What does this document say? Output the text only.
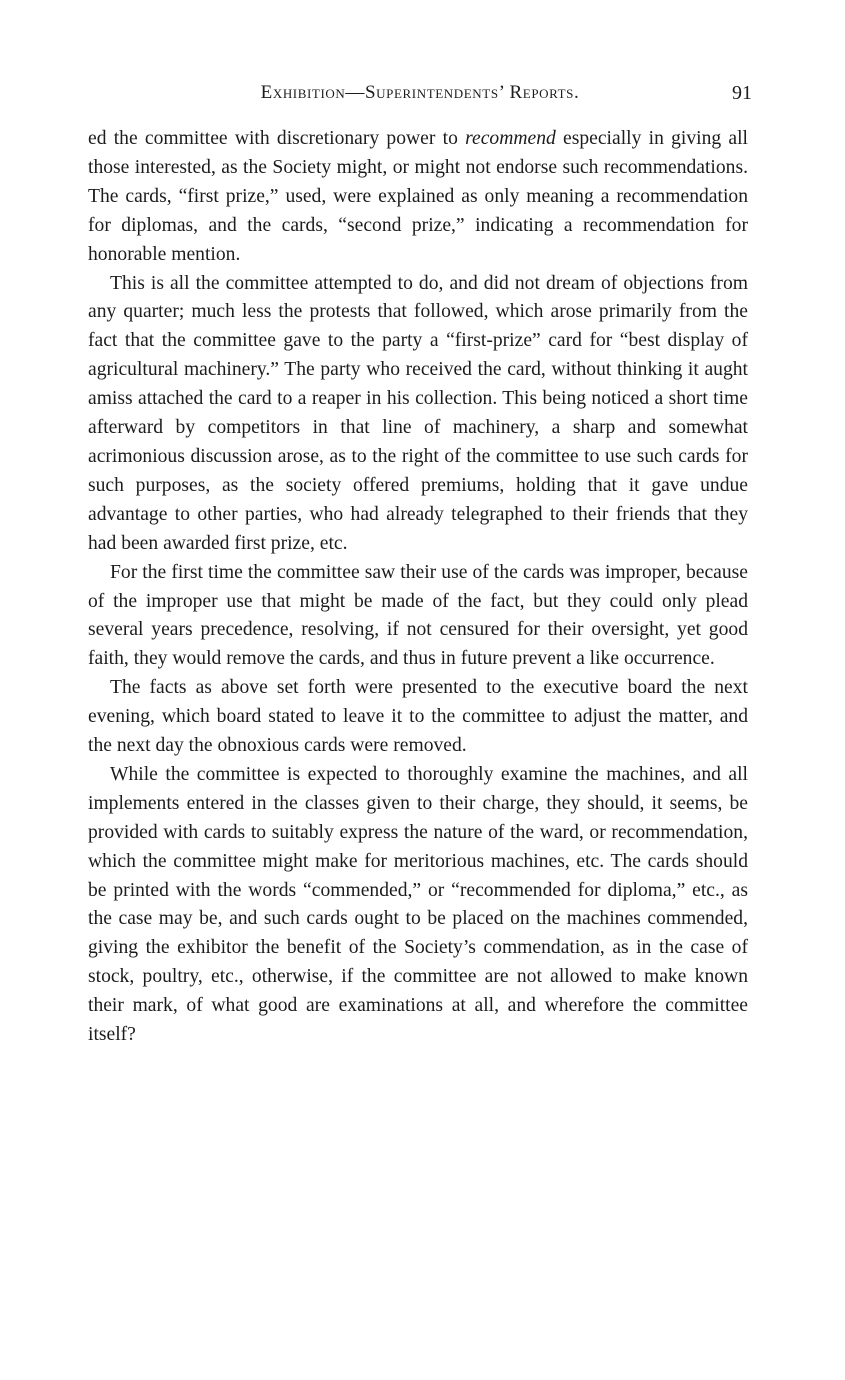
Exhibition—Superintendents’ Reports.	91

ed the committee with discretionary power to recommend especially in giving all those interested, as the Society might, or might not endorse such recommendations. The cards, “first prize,” used, were explained as only meaning a recommendation for diplomas, and the cards, “second prize,” indicating a recommendation for honorable mention.

This is all the committee attempted to do, and did not dream of objections from any quarter; much less the protests that followed, which arose primarily from the fact that the committee gave to the party a “first-prize” card for “best display of agricultural machinery.” The party who received the card, without thinking it aught amiss attached the card to a reaper in his collection. This being noticed a short time afterward by competitors in that line of machinery, a sharp and somewhat acrimonious discussion arose, as to the right of the committee to use such cards for such purposes, as the society offered premiums, holding that it gave undue advantage to other parties, who had already telegraphed to their friends that they had been awarded first prize, etc.

For the first time the committee saw their use of the cards was improper, because of the improper use that might be made of the fact, but they could only plead several years precedence, resolving, if not censured for their oversight, yet good faith, they would remove the cards, and thus in future prevent a like occurrence.

The facts as above set forth were presented to the executive board the next evening, which board stated to leave it to the committee to adjust the matter, and the next day the obnoxious cards were removed.

While the committee is expected to thoroughly examine the machines, and all implements entered in the classes given to their charge, they should, it seems, be provided with cards to suitably express the nature of the ward, or recommendation, which the committee might make for meritorious machines, etc. The cards should be printed with the words “commended,” or “recommended for diploma,” etc., as the case may be, and such cards ought to be placed on the machines commended, giving the exhibitor the benefit of the Society’s commendation, as in the case of stock, poultry, etc., otherwise, if the committee are not allowed to make known their mark, of what good are examinations at all, and wherefore the committee itself?
